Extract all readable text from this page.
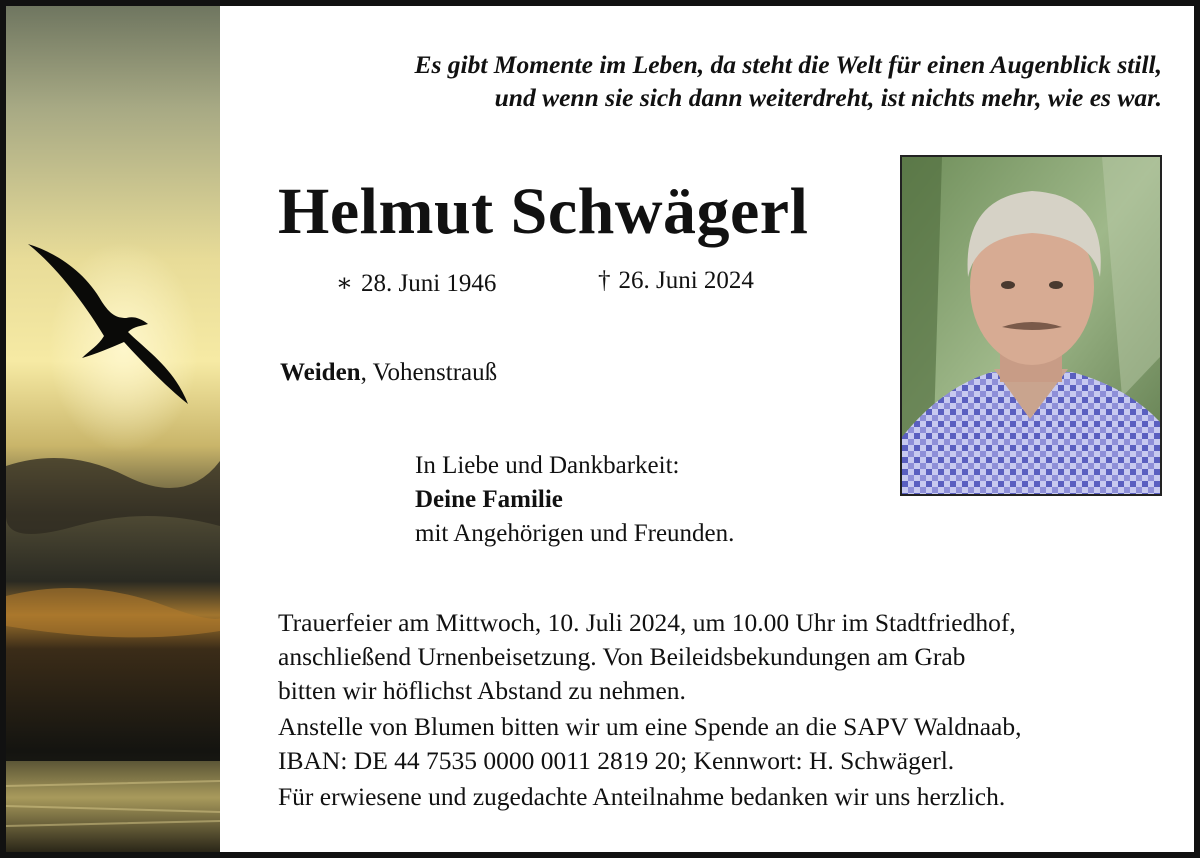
Es gibt Momente im Leben, da steht die Welt für einen Augenblick still,
und wenn sie sich dann weiterdreht, ist nichts mehr, wie es war.

Helmut Schwägerl
∗ 28. Juni 1946	† 26. Juni 2024
Weiden, Vohenstrauß
In Liebe und Dankbarkeit:
Deine Familie
mit Angehörigen und Freunden.

Trauerfeier am Mittwoch, 10. Juli 2024, um 10.00 Uhr im Stadtfriedhof,
anschließend Urnenbeisetzung. Von Beileidsbekundungen am Grab
bitten wir höflichst Abstand zu nehmen.

Anstelle von Blumen bitten wir um eine Spende an die SAPV Waldnaab,
IBAN: DE 44 7535 0000 0011 2819 20; Kennwort: H. Schwägerl.

Für erwiesene und zugedachte Anteilnahme bedanken wir uns herzlich.
